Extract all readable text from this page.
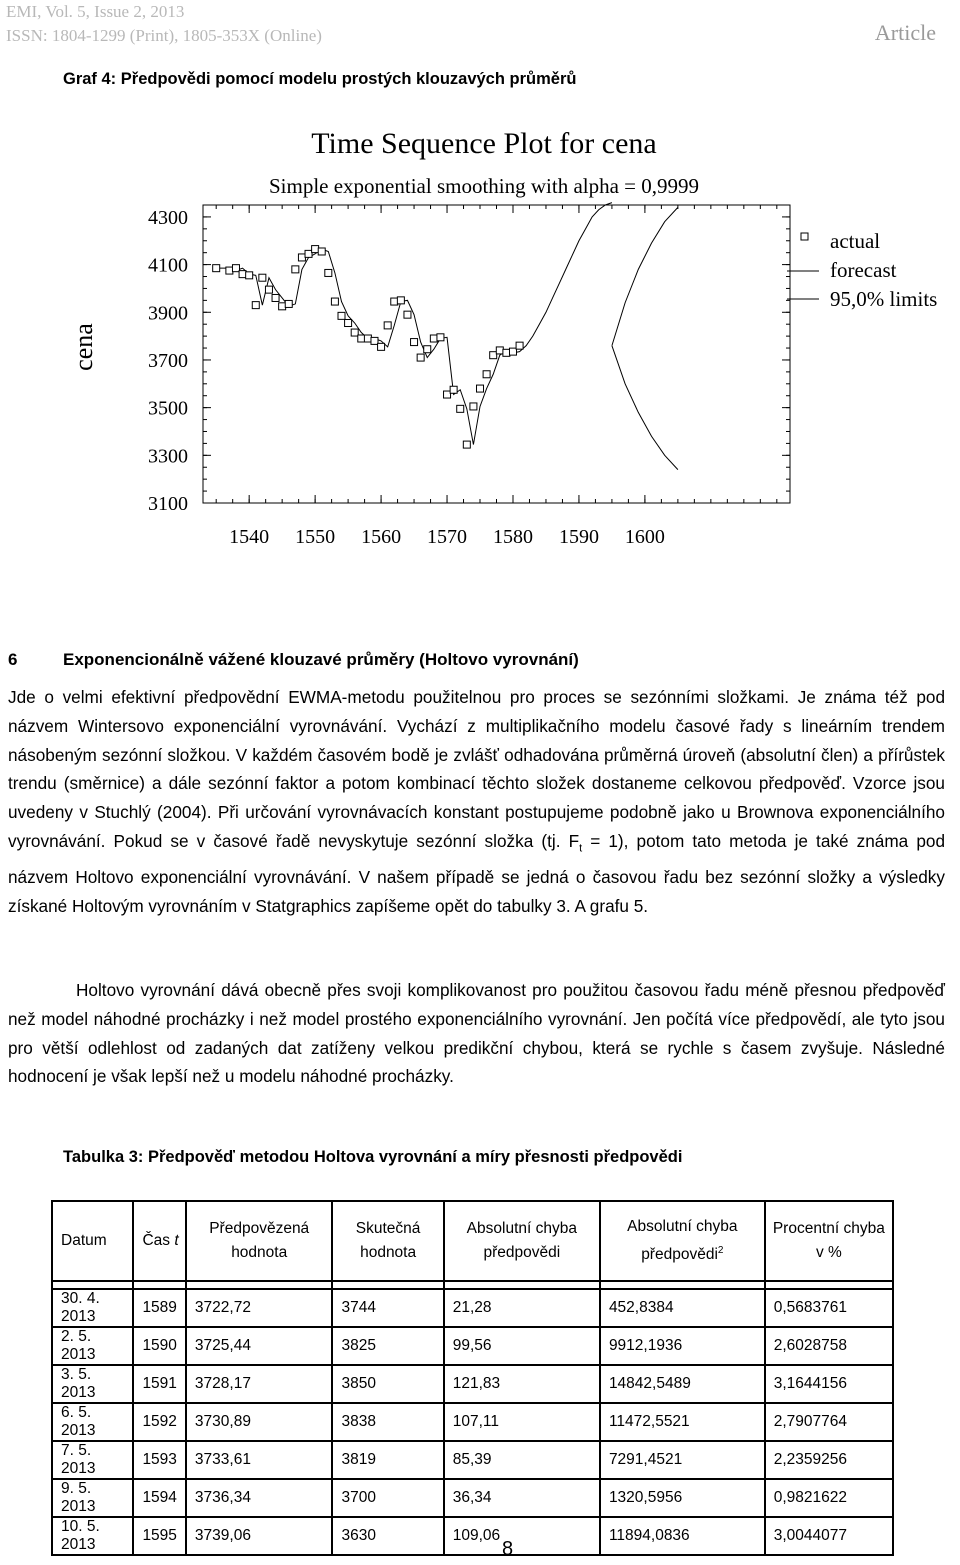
EMI, Vol. 5, Issue 2, 2013
ISSN: 1804-1299 (Print), 1805-353X (Online)	Article
Graf 4: Předpovědi pomocí modelu prostých klouzavých průměrů
Time Sequence Plot for cena
Simple exponential smoothing with alpha = 0,9999
cena
1540 1550 1560 1570 1580 1590 1600
4300
4100
3900
3700
3500
3300
3100
actual
forecast
95,0% limits
6	Exponencionálně vážené klouzavé průměry (Holtovo vyrovnání)
Jde o velmi efektivní předpovědní EWMA-metodu použitelnou pro proces se sezónními složkami. Je známa též pod názvem Wintersovo exponenciální vyrovnávání. Vychází z multiplikačního modelu časové řady s lineárním trendem násobeným sezónní složkou. V každém časovém bodě je zvlášť odhadována průměrná úroveň (absolutní člen) a přírůstek trendu (směrnice) a dále sezónní faktor a potom kombinací těchto složek dostaneme celkovou předpověď. Vzorce jsou uvedeny v Stuchlý (2004). Při určování vyrovnávacích konstant postupujeme podobně jako u Brownova exponenciálního vyrovnávání. Pokud se v časové řadě nevyskytuje sezónní složka (tj. $F_t = 1$), potom tato metoda je také známa pod názvem Holtovo exponenciální vyrovnávání. V našem případě se jedná o časovou řadu bez sezónní složky a výsledky získané Holtovým vyrovnáním v Statgraphics zapíšeme opět do tabulky 3. A grafu 5.
Holtovo vyrovnání dává obecně přes svoji komplikovanost pro použitou časovou řadu méně přesnou předpověď než model náhodné procházky i než model prostého exponenciálního vyrovnání. Jen počítá více předpovědí, ale tyto jsou pro větší odlehlost od zadaných dat zatíženy velkou predikční chybou, která se rychle s časem zvyšuje. Následné hodnocení je však lepší než u modelu náhodné procházky.
Tabulka 3: Předpověď metodou Holtova vyrovnání a míry přesnosti předpovědi
Datum	Čas t	Předpovězená hodnota	Skutečná hodnota	Absolutní chyba předpovědi	Absolutní chyba předpovědi$^2$	Procentní chyba v %

30. 4. 2013	1589	3722,72	3744	21,28	452,8384	0,5683761
2. 5. 2013	1590	3725,44	3825	99,56	9912,1936	2,6028758
3. 5. 2013	1591	3728,17	3850	121,83	14842,5489	3,1644156
6. 5. 2013	1592	3730,89	3838	107,11	11472,5521	2,7907764
7. 5. 2013	1593	3733,61	3819	85,39	7291,4521	2,2359256
9. 5. 2013	1594	3736,34	3700	36,34	1320,5956	0,9821622
10. 5. 2013	1595	3739,06	3630	109,06	11894,0836	3,0044077
8
